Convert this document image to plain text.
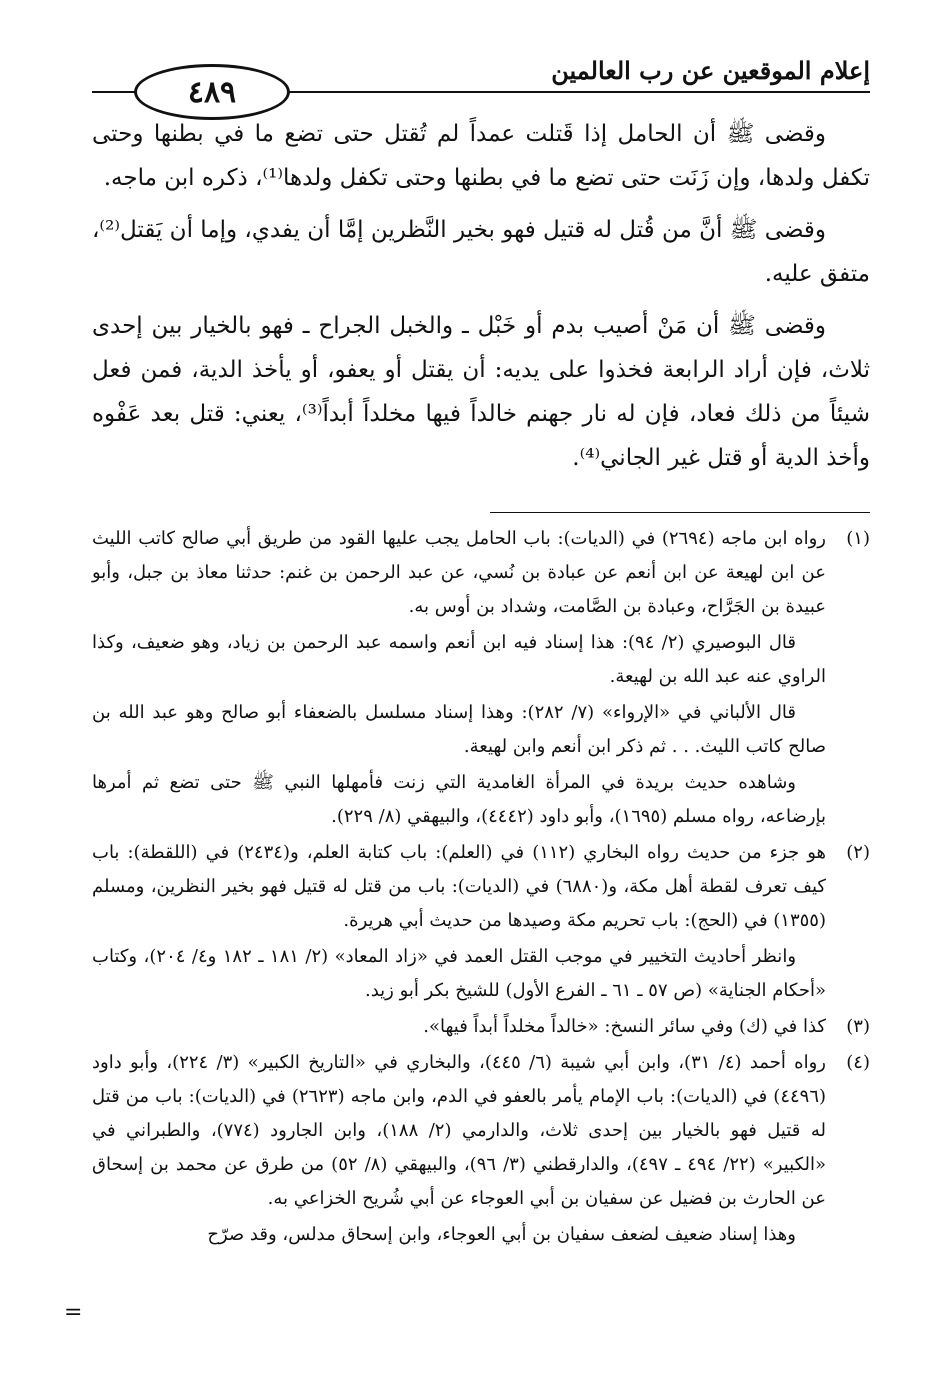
إعلام الموقعين عن رب العالمين
٤٨٩

وقضى ﷺ أن الحامل إذا قَتلت عمداً لم تُقتل حتى تضع ما في بطنها وحتى تكفل ولدها، وإن زَنَت حتى تضع ما في بطنها وحتى تكفل ولدها⁽¹⁾، ذكره ابن ماجه.

وقضى ﷺ أنَّ من قُتل له قتيل فهو بخير النَّظرين إمَّا أن يفدي، وإما أن يَقتل⁽²⁾، متفق عليه.

وقضى ﷺ أن مَنْ أصيب بدم أو خَبْل ـ والخبل الجراح ـ فهو بالخيار بين إحدى ثلاث، فإن أراد الرابعة فخذوا على يديه: أن يقتل أو يعفو، أو يأخذ الدية، فمن فعل شيئاً من ذلك فعاد، فإن له نار جهنم خالداً فيها مخلداً أبداً⁽³⁾، يعني: قتل بعد عَفْوه وأخذ الدية أو قتل غير الجاني⁽⁴⁾.

(١)

رواه ابن ماجه (٢٦٩٤) في (الديات): باب الحامل يجب عليها القود من طريق أبي صالح كاتب الليث عن ابن لهيعة عن ابن أنعم عن عبادة بن نُسي، عن عبد الرحمن بن غنم: حدثنا معاذ بن جبل، وأبو عبيدة بن الجَرَّاح، وعبادة بن الصَّامت، وشداد بن أوس به.

قال البوصيري (٢/ ٩٤): هذا إسناد فيه ابن أنعم واسمه عبد الرحمن بن زياد، وهو ضعيف، وكذا الراوي عنه عبد الله بن لهيعة.

قال الألباني في «الإرواء» (٧/ ٢٨٢): وهذا إسناد مسلسل بالضعفاء أبو صالح وهو عبد الله بن صالح كاتب الليث. . . ثم ذكر ابن أنعم وابن لهيعة.

وشاهده حديث بريدة في المرأة الغامدية التي زنت فأمهلها النبي ﷺ حتى تضع ثم أمرها بإرضاعه، رواه مسلم (١٦٩٥)، وأبو داود (٤٤٤٢)، والبيهقي (٨/ ٢٢٩).

(٢)

هو جزء من حديث رواه البخاري (١١٢) في (العلم): باب كتابة العلم، و(٢٤٣٤) في (اللقطة): باب كيف تعرف لقطة أهل مكة، و(٦٨٨٠) في (الديات): باب من قتل له قتيل فهو بخير النظرين، ومسلم (١٣٥٥) في (الحج): باب تحريم مكة وصيدها من حديث أبي هريرة.

وانظر أحاديث التخيير في موجب القتل العمد في «زاد المعاد» (٢/ ١٨١ ـ ١٨٢ و٤/ ٢٠٤)، وكتاب «أحكام الجناية» (ص ٥٧ ـ ٦١ ـ الفرع الأول) للشيخ بكر أبو زيد.

(٣)

كذا في (ك) وفي سائر النسخ: «خالداً مخلداً أبداً فيها».

(٤)

رواه أحمد (٤/ ٣١)، وابن أبي شيبة (٦/ ٤٤٥)، والبخاري في «التاريخ الكبير» (٣/ ٢٢٤)، وأبو داود (٤٤٩٦) في (الديات): باب الإمام يأمر بالعفو في الدم، وابن ماجه (٢٦٢٣) في (الديات): باب من قتل له قتيل فهو بالخيار بين إحدى ثلاث، والدارمي (٢/ ١٨٨)، وابن الجارود (٧٧٤)، والطبراني في «الكبير» (٢٢/ ٤٩٤ ـ ٤٩٧)، والدارقطني (٣/ ٩٦)، والبيهقي (٨/ ٥٢) من طرق عن محمد بن إسحاق عن الحارث بن فضيل عن سفيان بن أبي العوجاء عن أبي شُريح الخزاعي به.

وهذا إسناد ضعيف لضعف سفيان بن أبي العوجاء، وابن إسحاق مدلس، وقد صرّح

=
